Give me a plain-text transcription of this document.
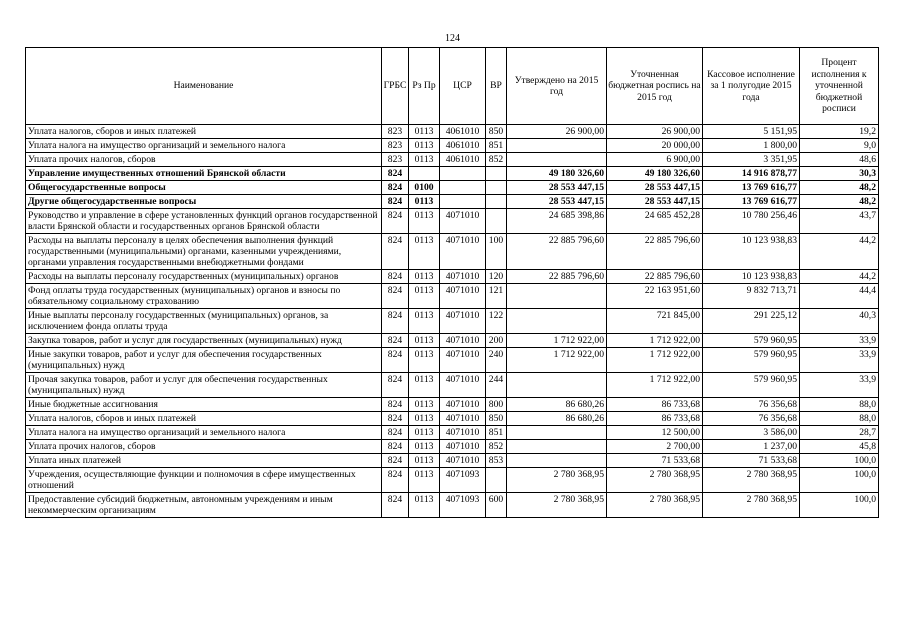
124
Наименование	ГРБС	Рз Пр	ЦСР	ВР	Утверждено на 2015 год	Уточненная бюджетная роспись на 2015 год	Кассовое исполнение за 1 полугодие 2015 года	Процент исполнения к уточненной бюджетной росписи
Уплата налогов, сборов и иных платежей	823	0113	4061010	850	26 900,00	26 900,00	5 151,95	19,2
Уплата налога на имущество организаций и земельного налога	823	0113	4061010	851		20 000,00	1 800,00	9,0
Уплата прочих налогов, сборов	823	0113	4061010	852		6 900,00	3 351,95	48,6
Управление имущественных отношений Брянской области	824				49 180 326,60	49 180 326,60	14 916 878,77	30,3
Общегосударственные вопросы	824	0100			28 553 447,15	28 553 447,15	13 769 616,77	48,2
Другие общегосударственные вопросы	824	0113			28 553 447,15	28 553 447,15	13 769 616,77	48,2
Руководство и управление в сфере установленных функций органов государственной власти Брянской области и государственных органов Брянской области	824	0113	4071010		24 685 398,86	24 685 452,28	10 780 256,46	43,7
Расходы на выплаты персоналу в целях обеспечения выполнения функций государственными (муниципальными) органами, казенными учреждениями, органами управления государственными внебюджетными фондами	824	0113	4071010	100	22 885 796,60	22 885 796,60	10 123 938,83	44,2
Расходы на выплаты персоналу государственных (муниципальных) органов	824	0113	4071010	120	22 885 796,60	22 885 796,60	10 123 938,83	44,2
Фонд оплаты труда государственных (муниципальных) органов и взносы по обязательному социальному страхованию	824	0113	4071010	121		22 163 951,60	9 832 713,71	44,4
Иные выплаты персоналу государственных (муниципальных) органов, за исключением фонда оплаты труда	824	0113	4071010	122		721 845,00	291 225,12	40,3
Закупка товаров, работ и услуг для государственных (муниципальных) нужд	824	0113	4071010	200	1 712 922,00	1 712 922,00	579 960,95	33,9
Иные закупки товаров, работ и услуг для обеспечения государственных (муниципальных) нужд	824	0113	4071010	240	1 712 922,00	1 712 922,00	579 960,95	33,9
Прочая закупка товаров, работ и услуг для обеспечения государственных (муниципальных) нужд	824	0113	4071010	244		1 712 922,00	579 960,95	33,9
Иные бюджетные ассигнования	824	0113	4071010	800	86 680,26	86 733,68	76 356,68	88,0
Уплата налогов, сборов и иных платежей	824	0113	4071010	850	86 680,26	86 733,68	76 356,68	88,0
Уплата налога на имущество организаций и земельного налога	824	0113	4071010	851		12 500,00	3 586,00	28,7
Уплата прочих налогов, сборов	824	0113	4071010	852		2 700,00	1 237,00	45,8
Уплата иных платежей	824	0113	4071010	853		71 533,68	71 533,68	100,0
Учреждения, осуществляющие функции и полномочия в сфере имущественных отношений	824	0113	4071093		2 780 368,95	2 780 368,95	2 780 368,95	100,0
Предоставление субсидий бюджетным, автономным учреждениям и иным некоммерческим организациям	824	0113	4071093	600	2 780 368,95	2 780 368,95	2 780 368,95	100,0
